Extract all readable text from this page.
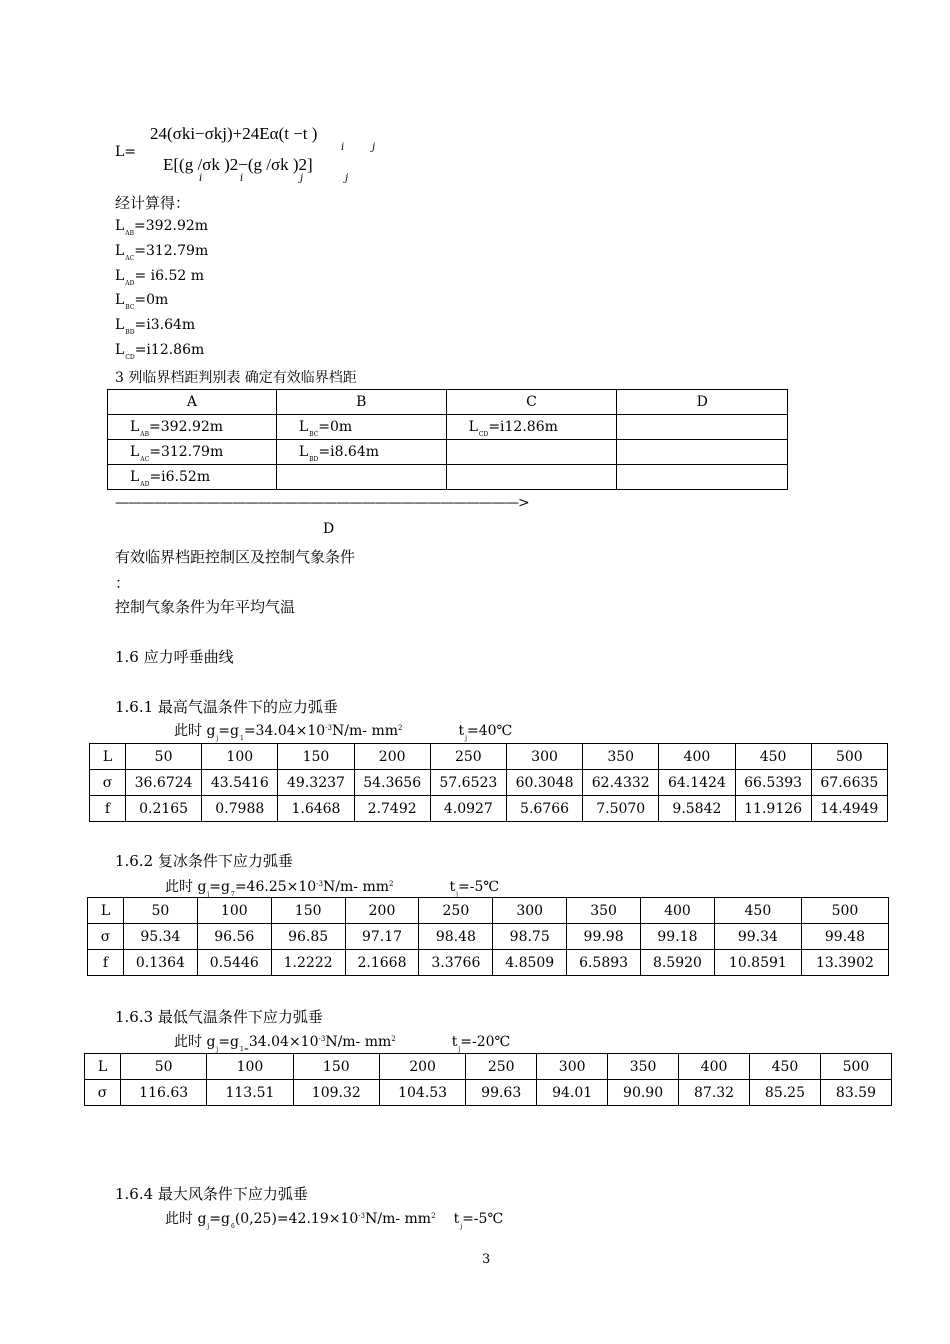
24(σki−σkj)+24Eα(t −t )
i	j
L=
E[(g /σk )2−(g /σk )2]
i	i	j	j
经计算得：
$L_{AB}=392.92m$
$L_{AC}=312.79m$
$L_{AD}= i6.52$ m
$L_{BC}=0m$
$L_{BD}=i3.64m$
$L_{CD}=i12.86m$
3 列临界档距判别表 确定有效临界档距
A	B	C	D
$L_{AB}=392.92m$	$L_{BC}=0m$	$L_{CD}=i12.86m$	
$L_{AC}=312.79m$	$L_{BD}=i8.64m$		
$L_{AD}=i6.52m$			
———————————————————————————————>
D
有效临界档距控制区及控制气象条件
：
控制气象条件为年平均气温
1.6 应力呼垂曲线
1.6.1 最高气温条件下的应力弧垂
此时 $g_j=g_1=34.04\times 10^{-3}N/m-$ $mm^2$	$t_j=40℃$
L	50	100	150	200	250	300	350	400	450	500
σ	36.6724	43.5416	49.3237	54.3656	57.6523	60.3048	62.4332	64.1424	66.5393	67.6635
f	0.2165	0.7988	1.6468	2.7492	4.0927	5.6766	7.5070	9.5842	11.9126	14.4949
1.6.2 复冰条件下应力弧垂
此时 $g_j=g_7=46.25\times 10^{-3}N/m-$ $mm^2$	$t_j=-5℃$
L	50	100	150	200	250	300	350	400	450	500
σ	95.34	96.56	96.85	97.17	98.48	98.75	99.98	99.18	99.34	99.48
f	0.1364	0.5446	1.2222	2.1668	3.3766	4.8509	6.5893	8.5920	10.8591	13.3902
1.6.3 最低气温条件下应力弧垂
此时 $g_j=g_{1=}34.04\times 10^{-3}N/m-$ $mm^2$	$t_j=-20℃$
L	50	100	150	200	250	300	350	400	450	500
σ	116.63	113.51	109.32	104.53	99.63	94.01	90.90	87.32	85.25	83.59
1.6.4 最大风条件下应力弧垂
此时 $g_j=g_6(0,25)=42.19\times 10^{-3}N/m-$ $mm^2$ $t_j=-5℃$
3
